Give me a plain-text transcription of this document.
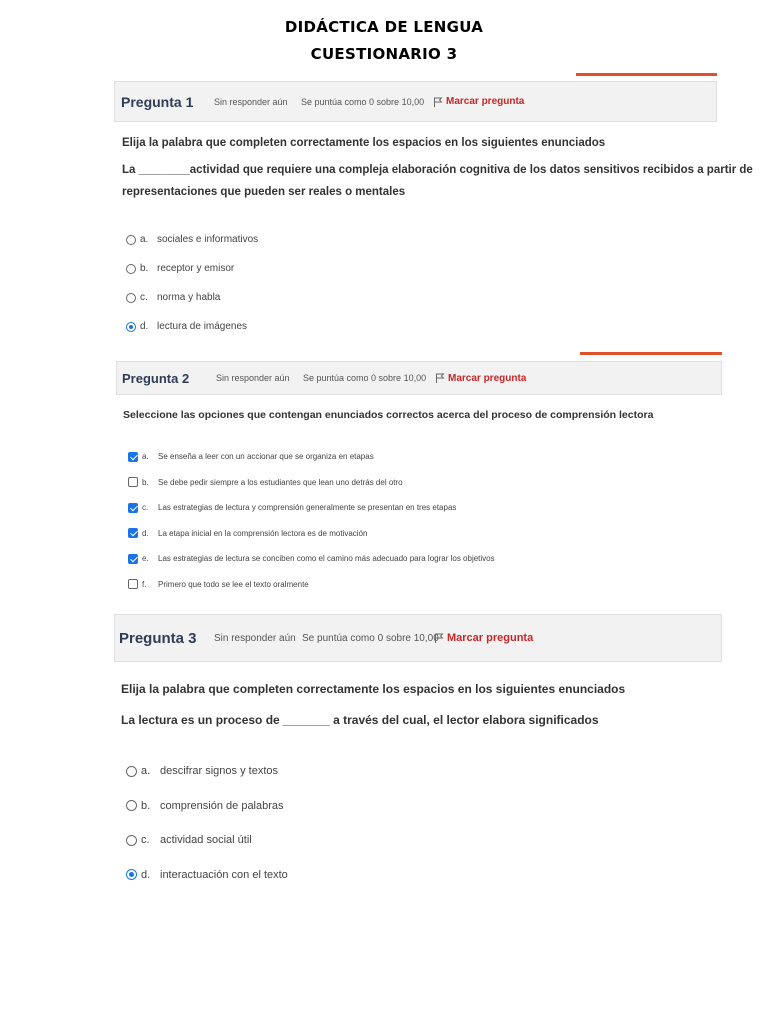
DIDÁCTICA DE LENGUA
CUESTIONARIO 3
Pregunta 1 Sin responder aún Se puntúa como 0 sobre 10,00 Marcar pregunta
Elija la palabra que completen correctamente los espacios en los siguientes enunciados
La ________actividad que requiere una compleja elaboración cognitiva de los datos sensitivos recibidos a partir de
representaciones que pueden ser reales o mentales
a. sociales e informativos
b. receptor y emisor
c. norma y habla
d. lectura de imágenes
Pregunta 2	Sin responder aún Se puntúa como 0 sobre 10,00 Marcar pregunta
Seleccione las opciones que contengan enunciados correctos acerca del proceso de comprensión lectora
a.	Se enseña a leer con un accionar que se organiza en etapas
b.	Se debe pedir siempre a los estudiantes que lean uno detrás del otro
c.	Las estrategias de lectura y comprensión generalmente se presentan en tres etapas
d.	La etapa inicial en la comprensión lectora es de motivación
e.	Las estrategias de lectura se conciben como el camino más adecuado para lograr los objetivos
f.	Primero que todo se lee el texto oralmente
Pregunta 3 Sin responder aún Se puntúa como 0 sobre 10,00 Marcar pregunta
Elija la palabra que completen correctamente los espacios en los siguientes enunciados
La lectura es un proceso de _______ a través del cual, el lector elabora significados
a. descifrar signos y textos
b. comprensión de palabras
c. actividad social útil
d. interactuación con el texto
